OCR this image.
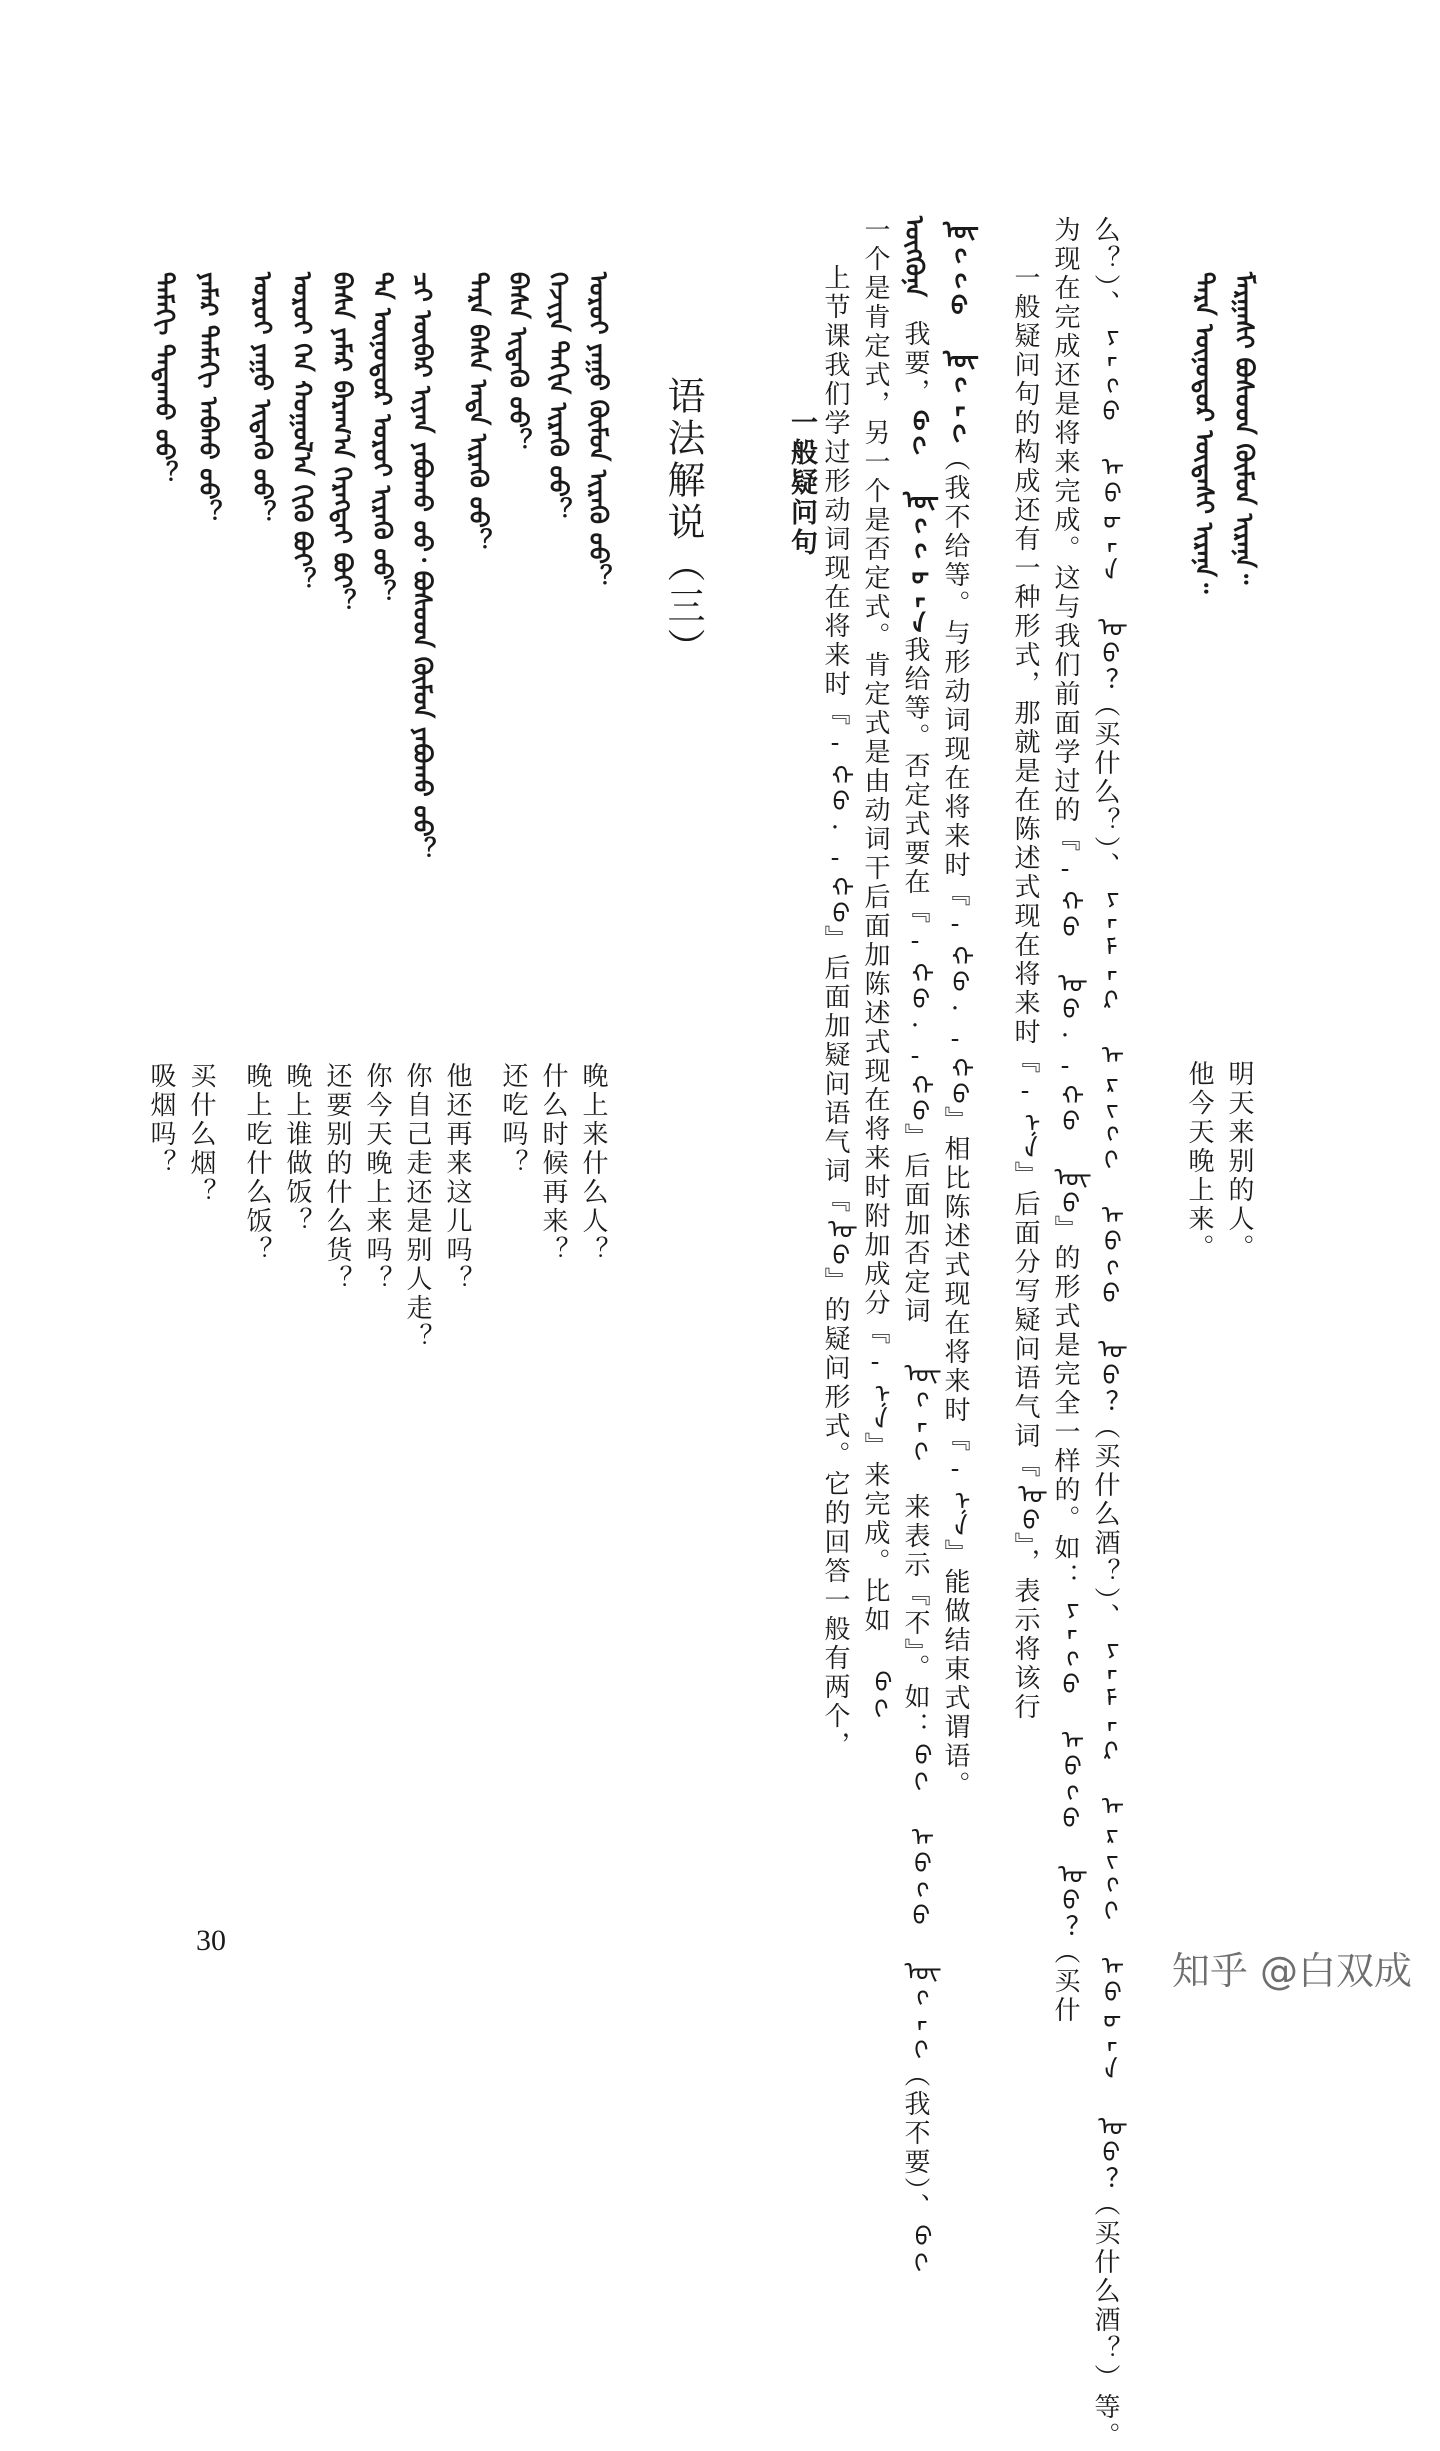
ᠮᠠᠷᠭᠠᠰᠢ ᠪᠤᠰᠤᠳ ᠬᠦᠮᠦᠨ ᠢᠷᠡᠨᠡ᠃
ᠲᠡᠷᠡ ᠥᠨᠥᠳᠥᠷ ᠦᠳᠡᠰᠢ ᠢᠷᠡᠨᠡ᠃
明天来别的人。
他今天晚上来。
一般疑问句 上节课我们学过形动词现在将来时『-ᠬᠤ·-ᠬᠦ』后面加疑问语气词『ᠤᠤ』的疑问形式。它的回答一般有两个， 一个是肯定式，另一个是否定式。肯定式是由动词干后面加陈述式现在将来时附加成分『-ᠨᠠ』来完成。比如 ᠪᠢ ᠥᠭᠭᠦᠨᠡ
我要，ᠪᠢ ᠥᠭᠭᠦᠨᠡ我给等。否定式要在『-ᠬᠤ·-ᠬᠦ』后面加否定词 ᠦᠭᠡᠢ 来表示『不』。如：ᠪᠢ ᠠᠪᠬᠤ ᠦᠭᠡᠢ（我不要）、ᠪᠢ
ᠥᠭᠬᠦ ᠦᠭᠡᠢ（我不给等。与形动词现在将来时『-ᠬᠤ·-ᠬᠦ』相比陈述式现在将来时『-ᠨᠠ』能做结束式谓语。 一般疑问句的构成还有一种形式，那就是在陈述式现在将来时『-ᠨᠠ』后面分写疑问语气词『ᠤᠤ』，表示将该行 为现在完成还是将来完成。这与我们前面学过的『-ᠬᠤ ᠤᠤ·-ᠬᠦ ᠦᠦ』的形式是完全一样的。如：ᠶᠠᠭᠤ ᠠᠪᠬᠤ ᠤᠤ？（买什 么？）、ᠶᠠᠭᠤ ᠠᠪᠤᠨᠠ ᠤᠤ？（买什么？）、ᠶᠠᠮᠠᠷ ᠠᠷᠢᠬᠢ ᠠᠪᠬᠤ ᠤᠤ？（买什么酒？）、ᠶᠠᠮᠠᠷ ᠠᠷᠢᠬᠢ ᠠᠪᠤᠨᠠ ᠤᠤ？（买什么酒？）等。
语法解说（三）
ᠣᠷᠣᠢ ᠶᠠᠭᠤ ᠬᠦᠮᠦᠨ ᠢᠷᠡᠬᠦ ᠦᠦ？
ᠬᠡᠵᠢᠶᠡ ᠳᠠᠬᠢᠨ ᠢᠷᠡᠬᠦ ᠦᠦ？
ᠪᠠᠰᠠ ᠢᠳᠡᠬᠦ ᠦᠦ？
ᠲᠡᠷᠡ ᠪᠠᠰᠠ ᠡᠨᠳᠡ ᠢᠷᠡᠬᠦ ᠦᠦ？
ᠴᠢ ᠥᠪᠡᠷ ᠢᠶᠡᠨ ᠶᠠᠪᠤᠬᠤ ᠤᠤ᠂ ᠪᠤᠰᠤᠳ ᠬᠦᠮᠦᠨ ᠶᠠᠪᠤᠬᠤ ᠤᠤ？
ᠲᠠ ᠥᠨᠥᠳᠥᠷ ᠣᠷᠣᠢ ᠢᠷᠡᠬᠦ ᠦᠦ？
ᠪᠠᠰᠠ ᠶᠠᠮᠠᠷ ᠪᠠᠷᠠᠭ᠎ᠠ ᠬᠡᠷᠡᠭᠲᠡᠢ ᠪᠤᠢ？
ᠣᠷᠣᠢ ᠬᠡᠨ ᠬᠣᠭᠣᠯ᠎ᠠ ᠬᠢᠬᠦ ᠪᠤᠢ？
ᠣᠷᠣᠢ ᠶᠠᠭᠤ ᠢᠳᠡᠬᠦ ᠦᠦ？
ᠶᠠᠮᠠᠷ ᠲᠠᠮᠠᠬᠢ ᠠᠪᠬᠤ ᠤᠤ？
ᠲᠠᠮᠠᠬᠢ ᠲᠠᠲᠠᠬᠤ ᠤᠤ？
晚上来什么人？
什么时候再来？
还吃吗？
他还再来这儿吗？
你自己走还是别人走？
你今天晚上来吗？
还要别的什么货？
晚上谁做饭？
晚上吃什么饭？
买什么烟？
吸烟吗？
30
知乎 @白双成
